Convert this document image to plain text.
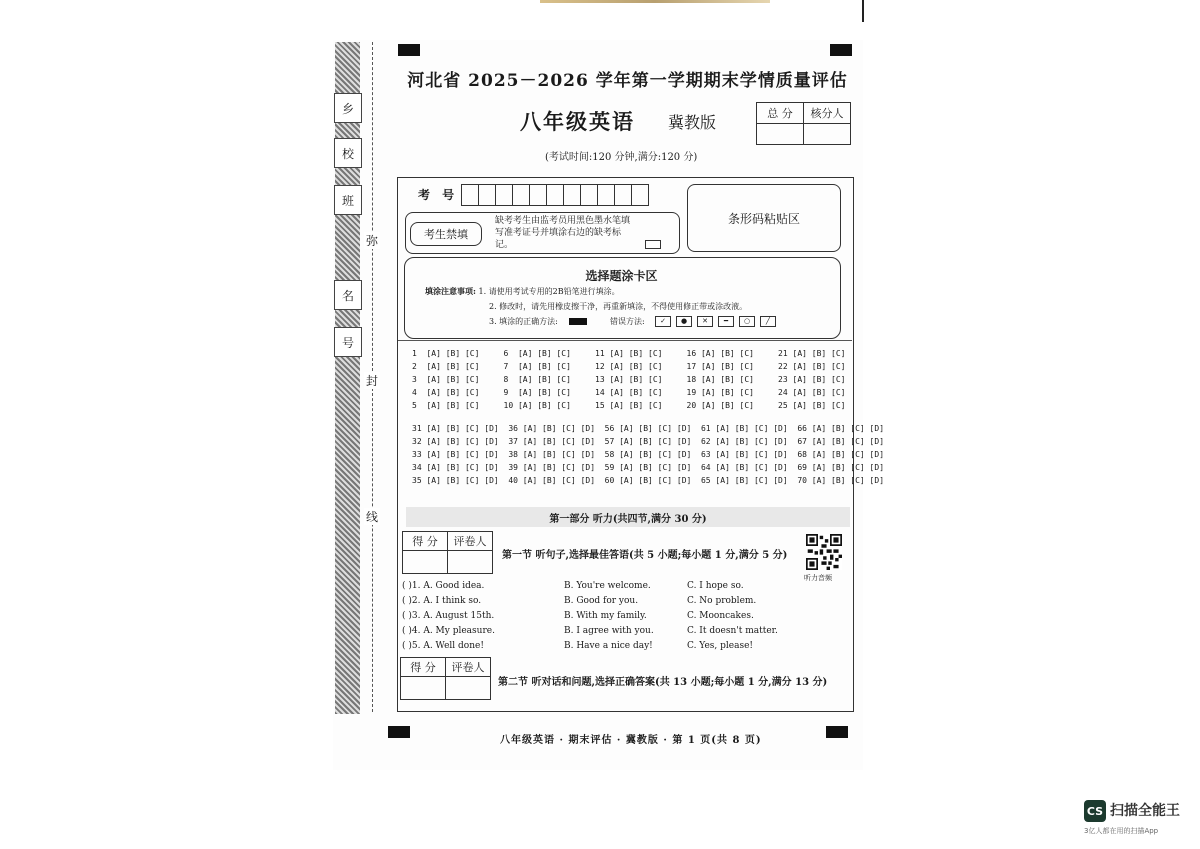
乡
校
班
名
号
弥
封
线
河北省 2025－2026 学年第一学期期末学情质量评估
八年级英语 冀教版	总 分	核分人

(考试时间:120 分钟,满分:120 分)
考 号
条形码粘贴区
考生禁填
缺考考生由监考员用黑色墨水笔填写准考证号并填涂右边的缺考标记。
选择题涂卡区
填涂注意事项: 1. 请使用考试专用的2B铅笔进行填涂。
2. 修改时，请先用橡皮擦干净，再重新填涂，不得使用修正带或涂改液。
3. 填涂的正确方法:	错误方法:	✓	●	✕	━	○	╱
1  [A] [B] [C]     6  [A] [B] [C]     11 [A] [B] [C]     16 [A] [B] [C]     21 [A] [B] [C]
2  [A] [B] [C]     7  [A] [B] [C]     12 [A] [B] [C]     17 [A] [B] [C]     22 [A] [B] [C]
3  [A] [B] [C]     8  [A] [B] [C]     13 [A] [B] [C]     18 [A] [B] [C]     23 [A] [B] [C]
4  [A] [B] [C]     9  [A] [B] [C]     14 [A] [B] [C]     19 [A] [B] [C]     24 [A] [B] [C]
5  [A] [B] [C]     10 [A] [B] [C]     15 [A] [B] [C]     20 [A] [B] [C]     25 [A] [B] [C]
31 [A] [B] [C] [D]  36 [A] [B] [C] [D]  56 [A] [B] [C] [D]  61 [A] [B] [C] [D]  66 [A] [B] [C] [D]
32 [A] [B] [C] [D]  37 [A] [B] [C] [D]  57 [A] [B] [C] [D]  62 [A] [B] [C] [D]  67 [A] [B] [C] [D]
33 [A] [B] [C] [D]  38 [A] [B] [C] [D]  58 [A] [B] [C] [D]  63 [A] [B] [C] [D]  68 [A] [B] [C] [D]
34 [A] [B] [C] [D]  39 [A] [B] [C] [D]  59 [A] [B] [C] [D]  64 [A] [B] [C] [D]  69 [A] [B] [C] [D]
35 [A] [B] [C] [D]  40 [A] [B] [C] [D]  60 [A] [B] [C] [D]  65 [A] [B] [C] [D]  70 [A] [B] [C] [D]
第一部分 听力(共四节,满分 30 分)
得 分	评卷人

第一节 听句子,选择最佳答语(共 5 小题;每小题 1 分,满分 5 分)
听力音频
( )1. A. Good idea.	B. You're welcome.	C. I hope so.
( )2. A. I think so.	B. Good for you.	C. No problem.
( )3. A. August 15th.	B. With my family.	C. Mooncakes.
( )4. A. My pleasure.	B. I agree with you.	C. It doesn't matter.
( )5. A. Well done!	B. Have a nice day!	C. Yes, please!
得 分	评卷人

第二节 听对话和问题,选择正确答案(共 13 小题;每小题 1 分,满分 13 分)
八年级英语 · 期末评估 · 冀教版 · 第 1 页(共 8 页)
CS 扫描全能王
3亿人都在用的扫描App
